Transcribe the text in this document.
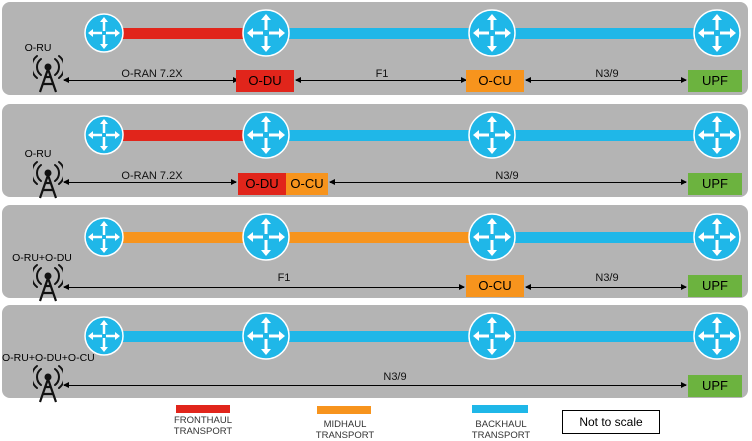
O-RU
O-RAN 7.2X	O-DU	F1	O-CU	N3/9	UPF
O-RU
O-RAN 7.2X	O-DU O-CU	N3/9	UPF
O-RU+O-DU
F1	O-CU	N3/9	UPF
O-RU+O-DU+O-CU
N3/9
UPF
FRONTHAUL
TRANSPORT
MIDHAUL
TRANSPORT
BACKHAUL
TRANSPORT
Not to scale
